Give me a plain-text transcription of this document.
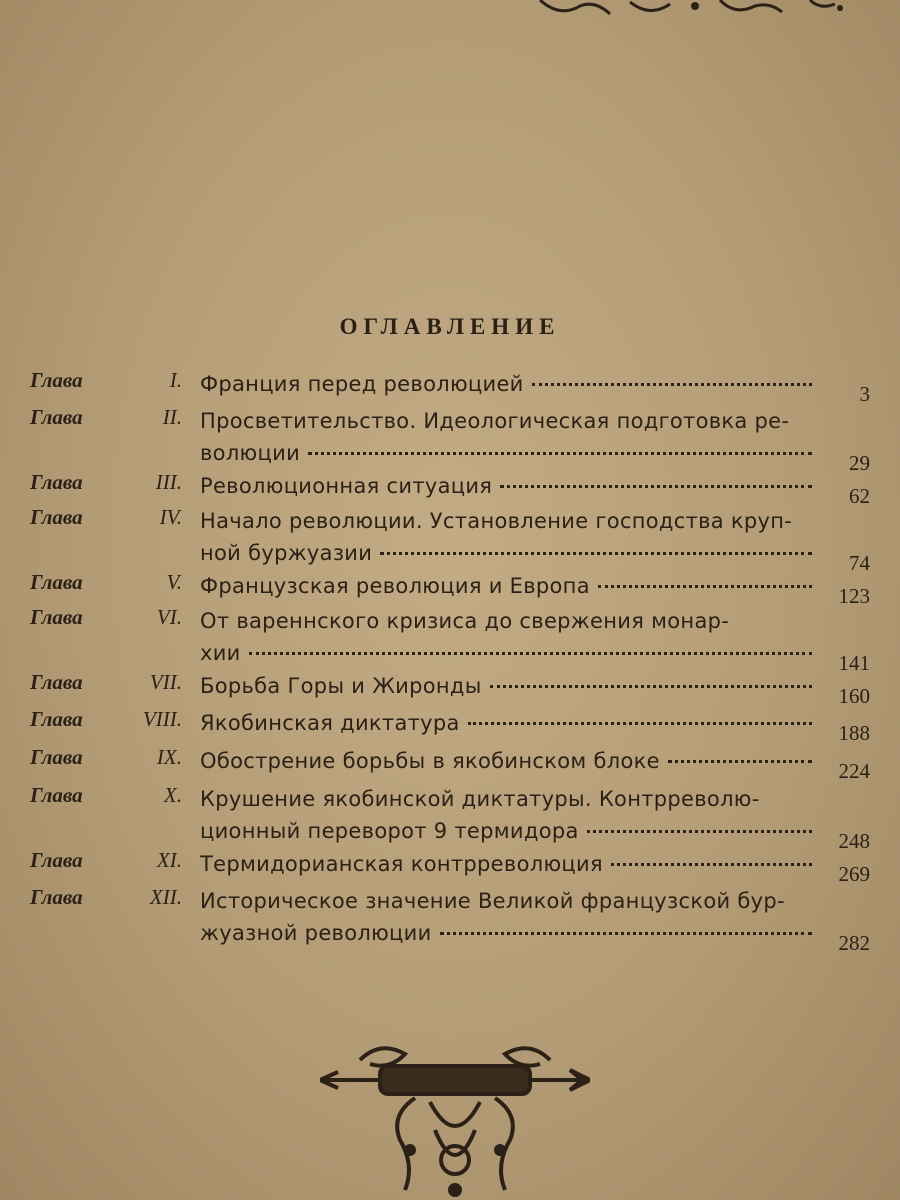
ОГЛАВЛЕНИЕ
Глава	I. Франция перед революцией	3
Глава	II. Просветительство. Идеологическая подготовка ре-
волюции	29
Глава	III. Революционная ситуация	62
Глава	IV. Начало революции. Установление господства круп-
ной буржуазии	74
Глава	V. Французская революция и Европа	123
Глава	VI. От вареннского кризиса до свержения монар-
хии	141
Глава	VII. Борьба Горы и Жиронды	160
Глава	VIII. Якобинская диктатура	188
Глава	IX. Обострение борьбы в якобинском блоке	224
Глава	X. Крушение якобинской диктатуры. Контрреволю-
ционный переворот 9 термидора	248
Глава	XI. Термидорианская контрреволюция	269
Глава	XII. Историческое значение Великой французской бур-
жуазной революции	282
